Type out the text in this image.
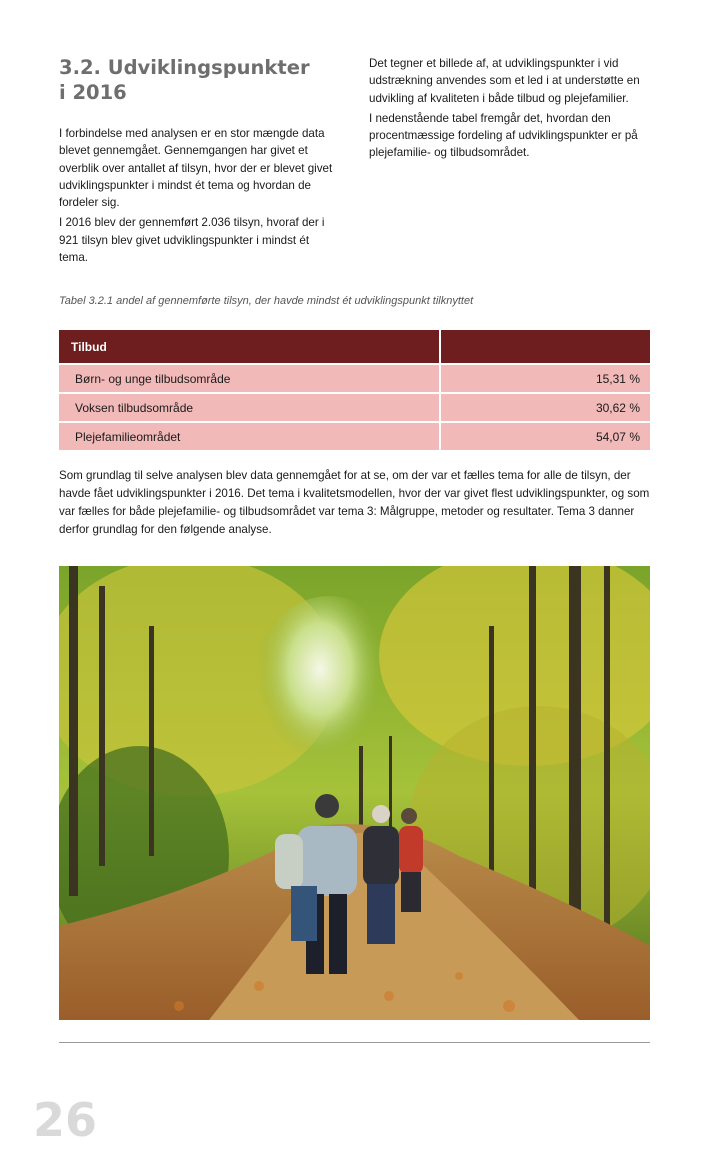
3.2. Udviklingspunkter
i 2016

I forbindelse med analysen er en stor mængde data blevet gennemgået. Gennemgangen har givet et overblik over antallet af tilsyn, hvor der er blevet givet udviklingspunkter i mindst ét tema og hvordan de fordeler sig.

I 2016 blev der gennemført 2.036 tilsyn, hvoraf der i 921 tilsyn blev givet udviklingspunkter i mindst ét tema.

Det tegner et billede af, at udviklingspunkter i vid udstrækning anvendes som et led i at understøtte en udvikling af kvaliteten i både tilbud og plejefamilier.

I nedenstående tabel fremgår det, hvordan den procentmæssige fordeling af udviklingspunkter er på plejefamilie- og tilbudsområdet.

Tabel 3.2.1 andel af gennemførte tilsyn, der havde mindst ét udviklingspunkt tilknyttet

Tilbud	
Børn- og unge tilbudsområde	15,31 %
Voksen tilbudsområde	30,62 %
Plejefamilieområdet	54,07 %

Som grundlag til selve analysen blev data gennemgået for at se, om der var et fælles tema for alle de tilsyn, der havde fået udviklingspunkter i 2016. Det tema i kvalitetsmodellen, hvor der var givet flest udviklingspunkter, og som var fælles for både plejefamilie- og tilbudsområdet var tema 3: Målgruppe, metoder og resultater. Tema 3 danner derfor grundlag for den følgende analyse.

26
